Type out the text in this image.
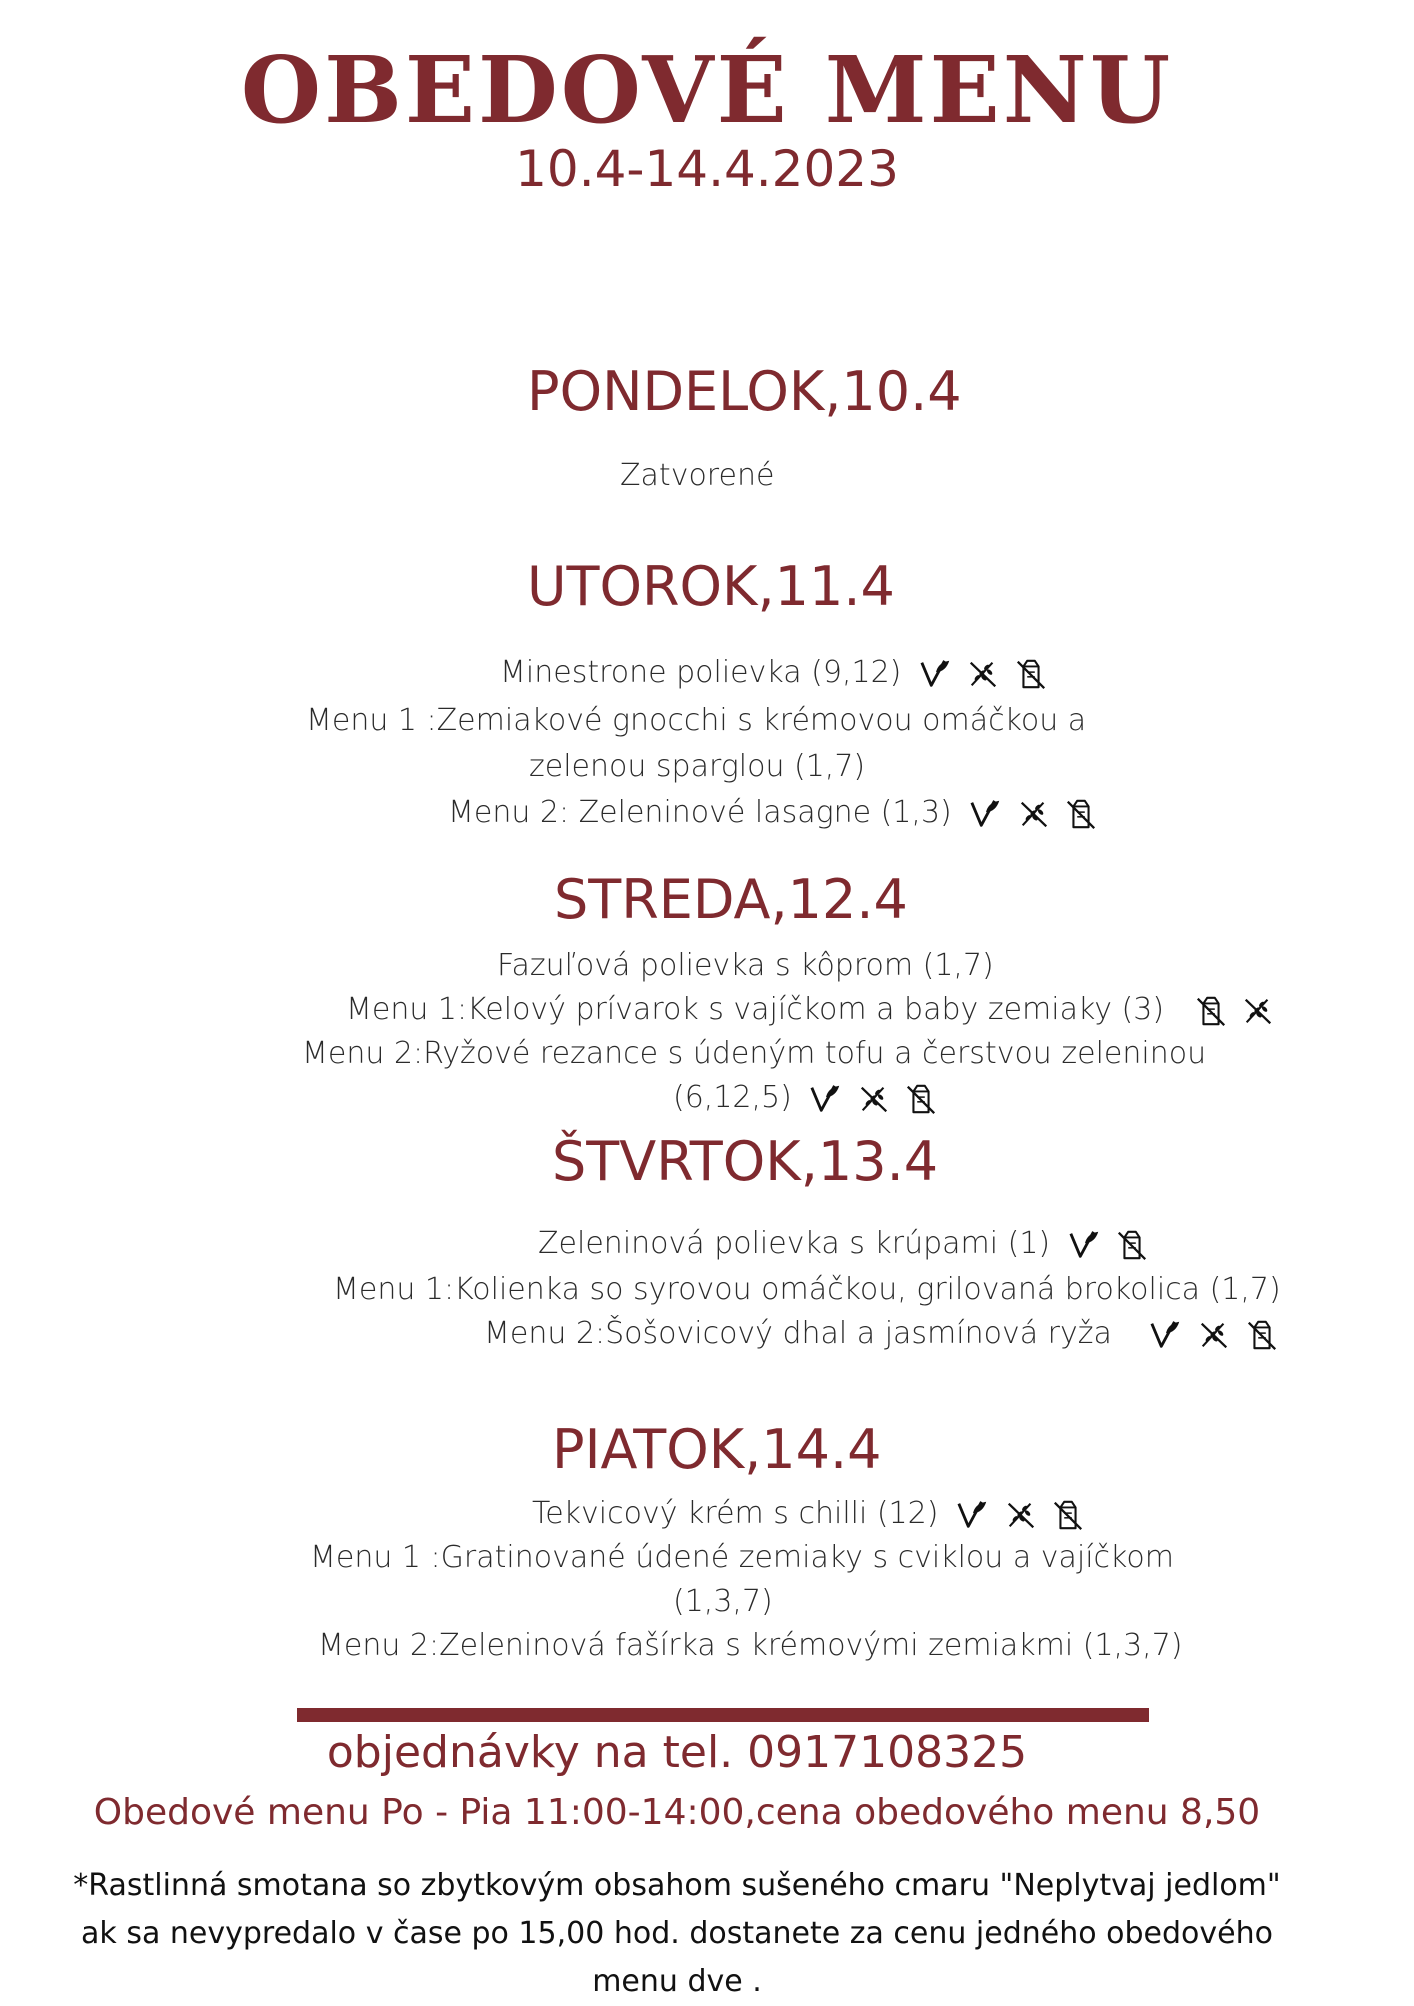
OBEDOVÉ MENU
10.4-14.4.2023
PONDELOK,10.4
Zatvorené
UTOROK,11.4
Minestrone polievka (9,12)
Menu 1 :Zemiakové gnocchi s krémovou omáčkou a
zelenou sparglou (1,7)
Menu 2: Zeleninové lasagne (1,3)
STREDA,12.4
Fazuľová polievka s kôprom (1,7)
Menu 1:Kelový prívarok s vajíčkom a baby zemiaky (3)
Menu 2:Ryžové rezance s údeným tofu a čerstvou zeleninou
(6,12,5)
ŠTVRTOK,13.4
Zeleninová polievka s krúpami (1)
Menu 1:Kolienka so syrovou omáčkou, grilovaná brokolica (1,7)
Menu 2:Šošovicový dhal a jasmínová ryža
PIATOK,14.4
Tekvicový krém s chilli (12)
Menu 1 :Gratinované údené zemiaky s cviklou a vajíčkom
(1,3,7)
Menu 2:Zeleninová fašírka s krémovými zemiakmi (1,3,7)
objednávky na tel. 0917108325
Obedové menu Po - Pia 11:00-14:00,cena obedového menu 8,50
*Rastlinná smotana so zbytkovým obsahom sušeného cmaru "Neplytvaj jedlom"
ak sa nevypredalo v čase po 15,00 hod. dostanete za cenu jedného obedového
menu dve .
